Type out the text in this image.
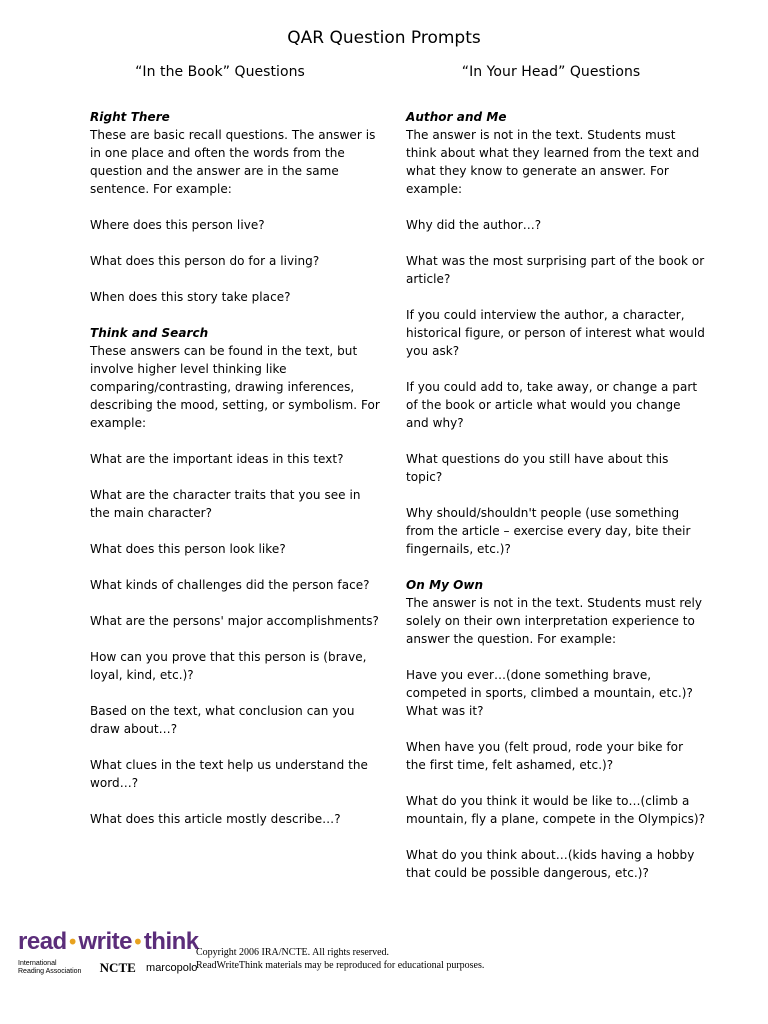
QAR Question Prompts
“In the Book” Questions
Right There

These are basic recall questions. The answer is in one place and often the words from the question and the answer are in the same sentence. For example:

Where does this person live?

What does this person do for a living?

When does this story take place?

Think and Search

These answers can be found in the text, but involve higher level thinking like comparing/contrasting, drawing inferences, describing the mood, setting, or symbolism. For example:

What are the important ideas in this text?

What are the character traits that you see in the main character?

What does this person look like?

What kinds of challenges did the person face?

What are the persons' major accomplishments?

How can you prove that this person is (brave, loyal, kind, etc.)?

Based on the text, what conclusion can you draw about…?

What clues in the text help us understand the word…?

What does this article mostly describe…?

“In Your Head” Questions
Author and Me

The answer is not in the text. Students must think about what they learned from the text and what they know to generate an answer. For example:

Why did the author…?

What was the most surprising part of the book or article?

If you could interview the author, a character, historical figure, or person of interest what would you ask?

If you could add to, take away, or change a part of the book or article what would you change and why?

What questions do you still have about this topic?

Why should/shouldn't people (use something from the article – exercise every day, bite their fingernails, etc.)?

On My Own

The answer is not in the text. Students must rely solely on their own interpretation experience to answer the question. For example:

Have you ever…(done something brave, competed in sports, climbed a mountain, etc.)? What was it?

When have you (felt proud, rode your bike for the first time, felt ashamed, etc.)?

What do you think it would be like to…(climb a mountain, fly a plane, compete in the Olympics)?

What do you think about…(kids having a hobby that could be possible dangerous, etc.)?

read•write•think
International
Reading Association NCTE marcopolo
Copyright 2006 IRA/NCTE. All rights reserved.
ReadWriteThink materials may be reproduced for educational purposes.
